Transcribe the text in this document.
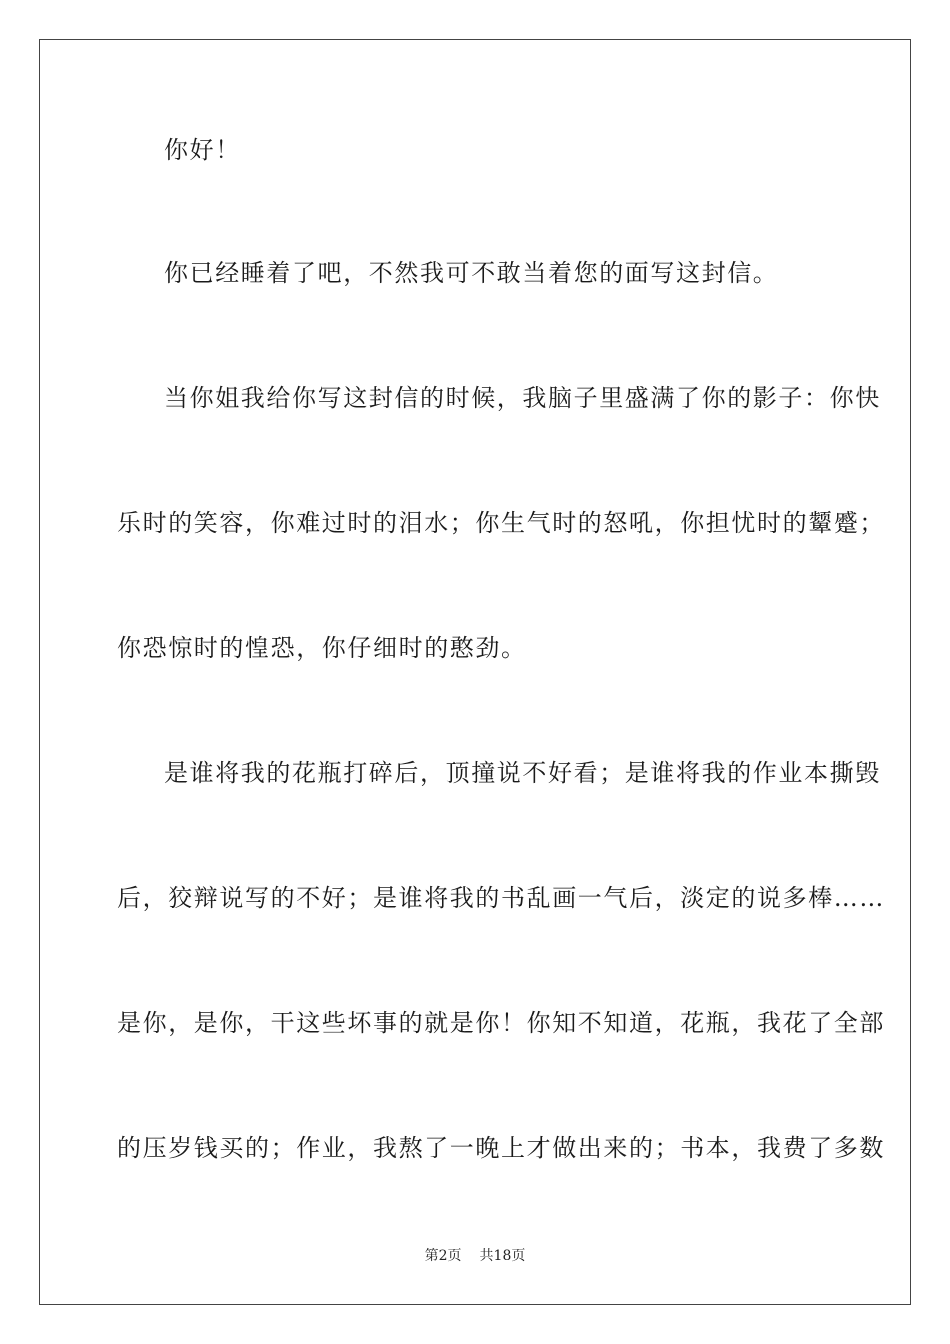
你好！
你已经睡着了吧，不然我可不敢当着您的面写这封信。
当你姐我给你写这封信的时候，我脑子里盛满了你的影子：你快
乐时的笑容，你难过时的泪水；你生气时的怒吼，你担忧时的颦蹙；
你恐惊时的惶恐，你仔细时的憨劲。
是谁将我的花瓶打碎后，顶撞说不好看；是谁将我的作业本撕毁
后，狡辩说写的不好；是谁将我的书乱画一气后，淡定的说多棒……
是你，是你，干这些坏事的就是你！你知不知道，花瓶，我花了全部
的压岁钱买的；作业，我熬了一晚上才做出来的；书本，我费了多数
第2页 共18页
